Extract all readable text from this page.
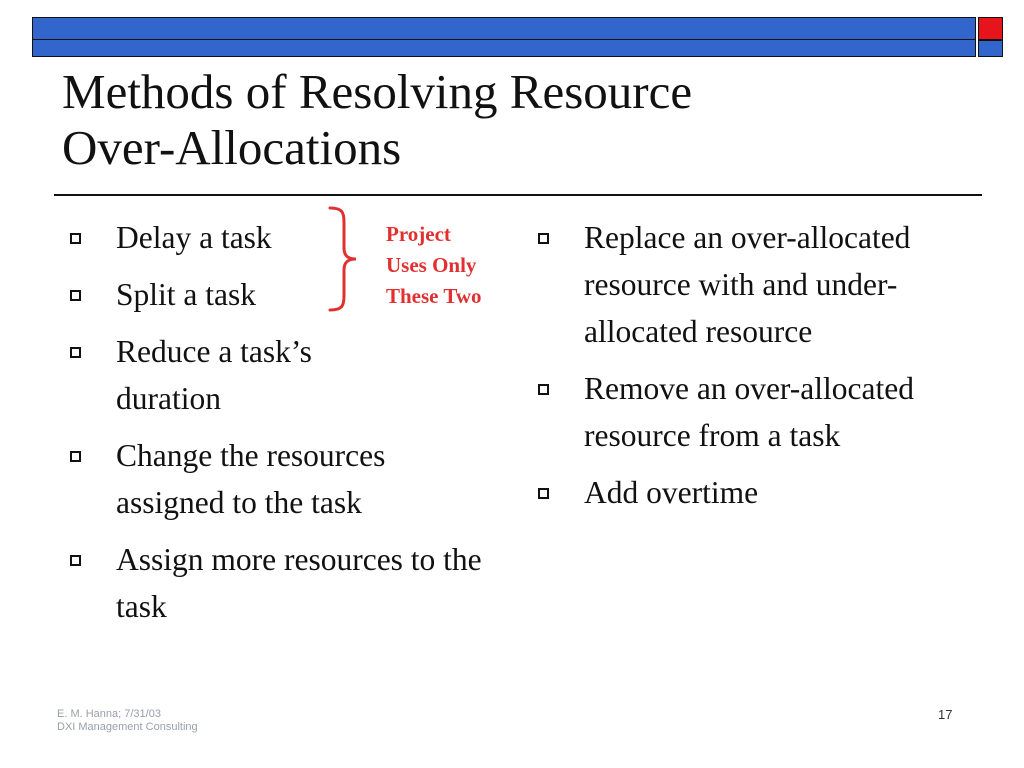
Methods of Resolving Resource
Over-Allocations
Delay a task
Split a task
Reduce a task’s duration
Change the resources assigned to the task
Assign more resources to the task
Project
Uses Only
These Two
Replace an over-allocated resource with and under-allocated resource
Remove an over-allocated resource from a task
Add overtime
E. M. Hanna; 7/31/03
DXI Management Consulting
17
